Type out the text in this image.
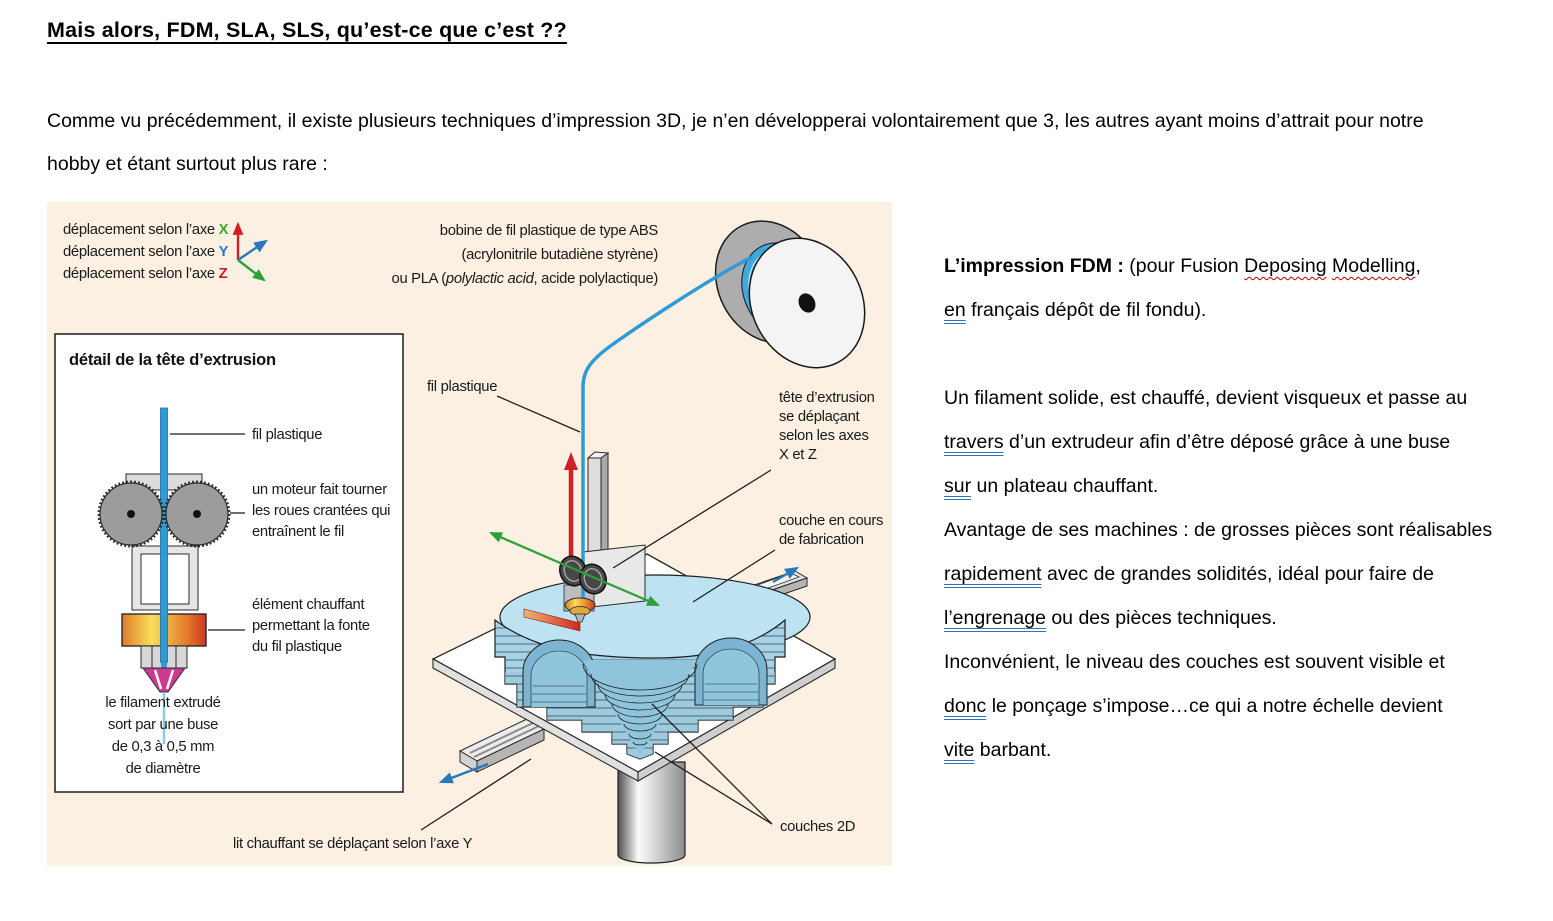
Mais alors, FDM, SLA, SLS, qu’est-ce que c’est ??
Comme vu précédemment, il existe plusieurs techniques d’impression 3D, je n’en développerai volontairement que 3, les autres ayant moins d’attrait pour notre
hobby et étant surtout plus rare :
déplacement selon l’axe X
déplacement selon l’axe Y
déplacement selon l’axe Z
bobine de fil plastique de type ABS
(acrylonitrile butadiène styrène)
ou PLA (polylactic acid, acide polylactique)
fil plastique
tête d’extrusion
se déplaçant
selon les axes
X et Z
couche en cours
de fabrication
couches 2D
lit chauffant se déplaçant selon l’axe Y
détail de la tête d’extrusion
fil plastique
un moteur fait tourner
les roues crantées qui
entraînent le fil
élément chauffant
permettant la fonte
du fil plastique
le filament extrudé
sort par une buse
de 0,3 à 0,5 mm
de diamètre
L’impression FDM : (pour Fusion Deposing Modelling,
en français dépôt de fil fondu).
Un filament solide, est chauffé, devient visqueux et passe au
travers d’un extrudeur afin d’être déposé grâce à une buse
sur un plateau chauffant.
Avantage de ses machines : de grosses pièces sont réalisables
rapidement avec de grandes solidités, idéal pour faire de
l’engrenage ou des pièces techniques.
Inconvénient, le niveau des couches est souvent visible et
donc le ponçage s’impose…ce qui a notre échelle devient
vite barbant.
